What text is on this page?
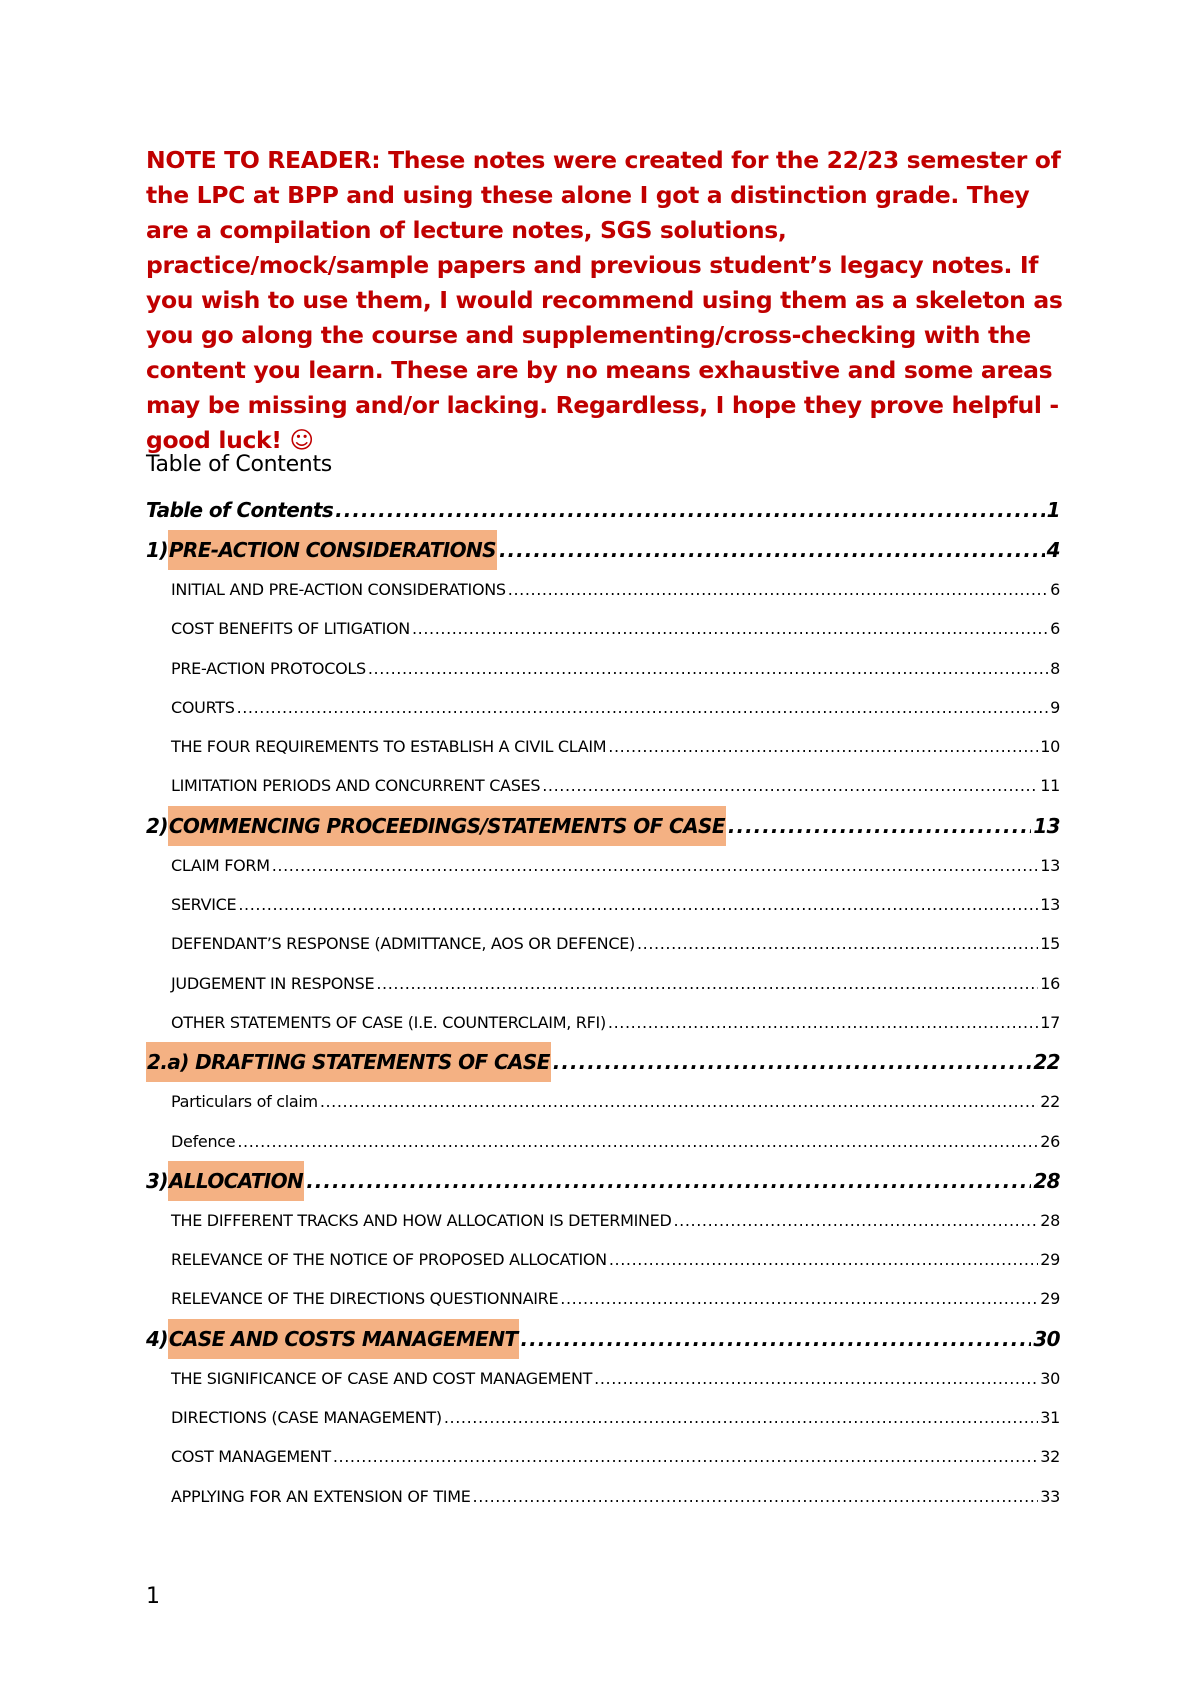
NOTE TO READER: These notes were created for the 22/23 semester of the LPC at BPP and using these alone I got a distinction grade. They are a compilation of lecture notes, SGS solutions, practice/mock/sample papers and previous student’s legacy notes. If you wish to use them, I would recommend using them as a skeleton as you go along the course and supplementing/cross-checking with the content you learn. These are by no means exhaustive and some areas may be missing and/or lacking. Regardless, I hope they prove helpful - good luck! ☺
Table of Contents
Table of Contents .....	1
1) PRE-ACTION CONSIDERATIONS .....	4
INITIAL AND PRE-ACTION CONSIDERATIONS .....	6
COST BENEFITS OF LITIGATION .....	6
PRE-ACTION PROTOCOLS .....	8
COURTS .....	9
THE FOUR REQUIREMENTS TO ESTABLISH A CIVIL CLAIM .....	10
LIMITATION PERIODS AND CONCURRENT CASES .....	11
2) COMMENCING PROCEEDINGS/STATEMENTS OF CASE .....	13
CLAIM FORM .....	13
SERVICE .....	13
DEFENDANT’S RESPONSE (ADMITTANCE, AOS OR DEFENCE) .....	15
JUDGEMENT IN RESPONSE .....	16
OTHER STATEMENTS OF CASE (I.E. COUNTERCLAIM, RFI) .....	17
2.a) DRAFTING STATEMENTS OF CASE .....	22
Particulars of claim .....	22
Defence .....	26
3) ALLOCATION .....	28
THE DIFFERENT TRACKS AND HOW ALLOCATION IS DETERMINED .....	28
RELEVANCE OF THE NOTICE OF PROPOSED ALLOCATION .....	29
RELEVANCE OF THE DIRECTIONS QUESTIONNAIRE .....	29
4) CASE AND COSTS MANAGEMENT .....	30
THE SIGNIFICANCE OF CASE AND COST MANAGEMENT .....	30
DIRECTIONS (CASE MANAGEMENT) .....	31
COST MANAGEMENT .....	32
APPLYING FOR AN EXTENSION OF TIME .....	33
1
